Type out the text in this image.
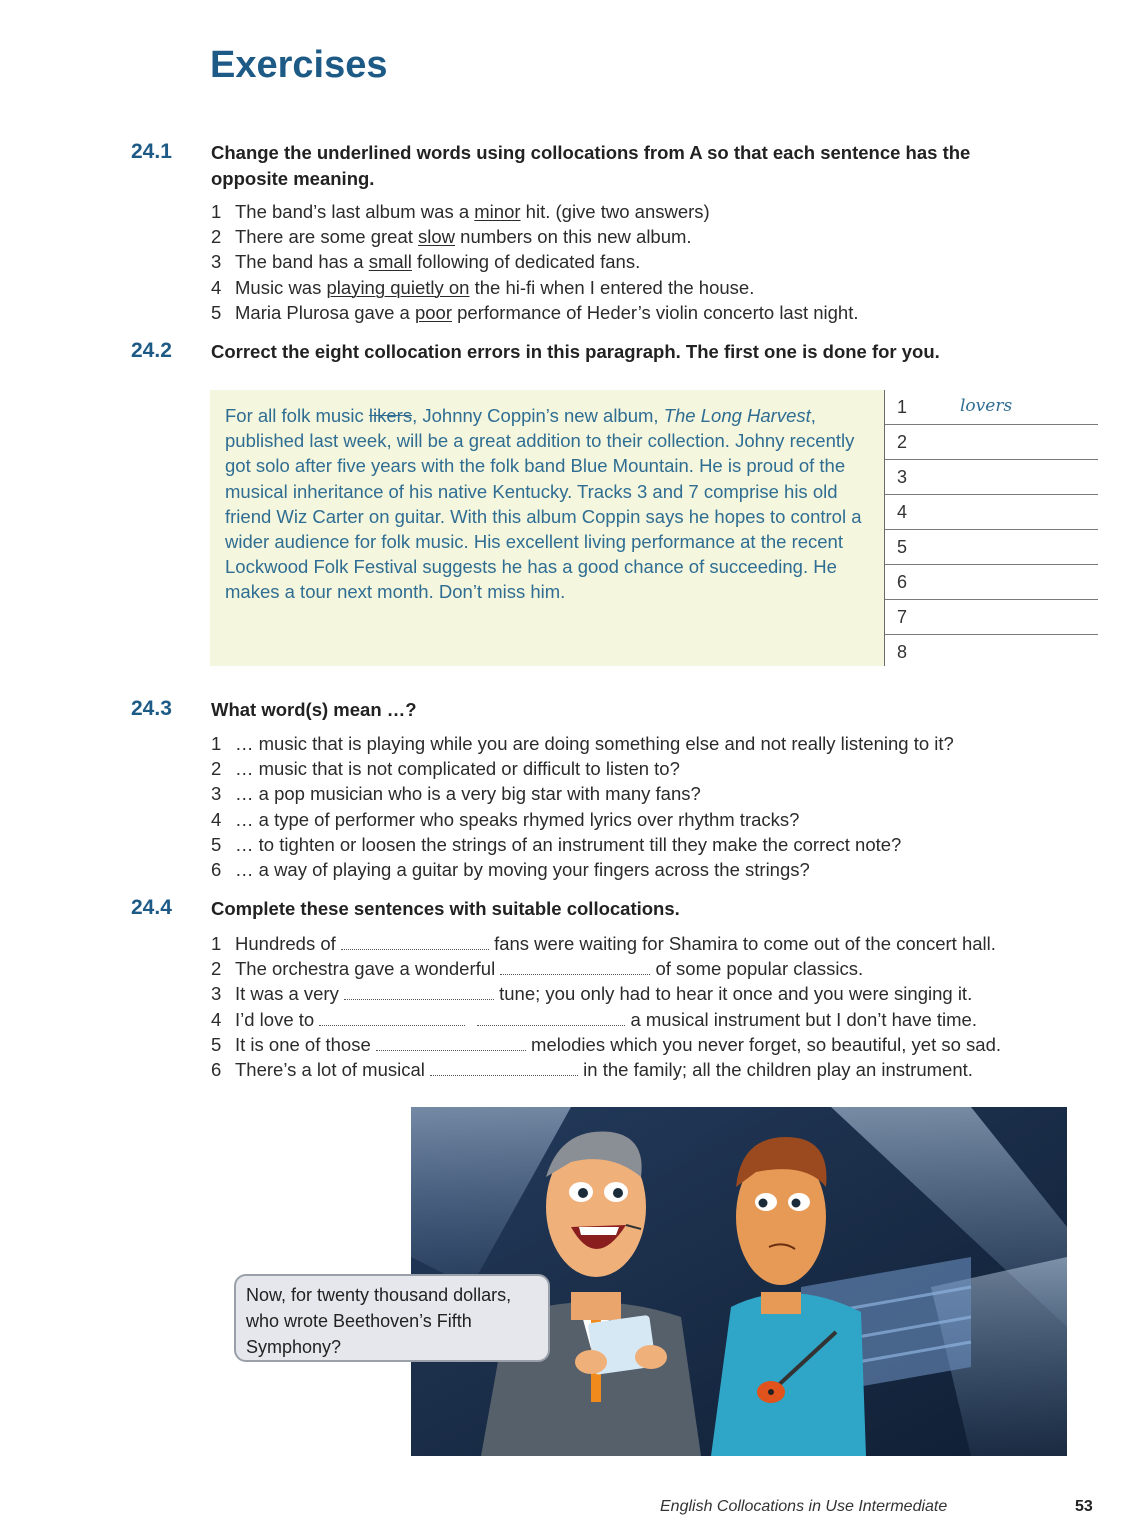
Exercises
24.1 Change the underlined words using collocations from A so that each sentence has the opposite meaning.
1 The band’s last album was a minor hit. (give two answers)
2 There are some great slow numbers on this new album.
3 The band has a small following of dedicated fans.
4 Music was playing quietly on the hi-fi when I entered the house.
5 Maria Plurosa gave a poor performance of Heder’s violin concerto last night.
24.2 Correct the eight collocation errors in this paragraph. The first one is done for you.

For all folk music likers, Johnny Coppin’s new album, The Long Harvest, published last week, will be a great addition to their collection. Johny recently got solo after five years with the folk band Blue Mountain. He is proud of the musical inheritance of his native Kentucky. Tracks 3 and 7 comprise his old friend Wiz Carter on guitar. With this album Coppin says he hopes to control a wider audience for folk music. His excellent living performance at the recent Lockwood Folk Festival suggests he has a good chance of succeeding. He makes a tour next month. Don’t miss him.

1	lovers
2
3
4
5
6
7
8
24.3 What word(s) mean …?
1 … music that is playing while you are doing something else and not really listening to it?
2 … music that is not complicated or difficult to listen to?
3 … a pop musician who is a very big star with many fans?
4 … a type of performer who speaks rhymed lyrics over rhythm tracks?
5 … to tighten or loosen the strings of an instrument till they make the correct note?
6 … a way of playing a guitar by moving your fingers across the strings?
24.4 Complete these sentences with suitable collocations.
1 Hundreds of	fans were waiting for Shamira to come out of the concert hall.
2 The orchestra gave a wonderful	of some popular classics.
3 It was a very	tune; you only had to hear it once and you were singing it.
4 I’d love to	a musical instrument but I don’t have time.
5 It is one of those	melodies which you never forget, so beautiful, yet so sad.
6 There’s a lot of musical	in the family; all the children play an instrument.
Now, for twenty thousand dollars, who wrote Beethoven’s Fifth Symphony?
English Collocations in Use Intermediate	53
